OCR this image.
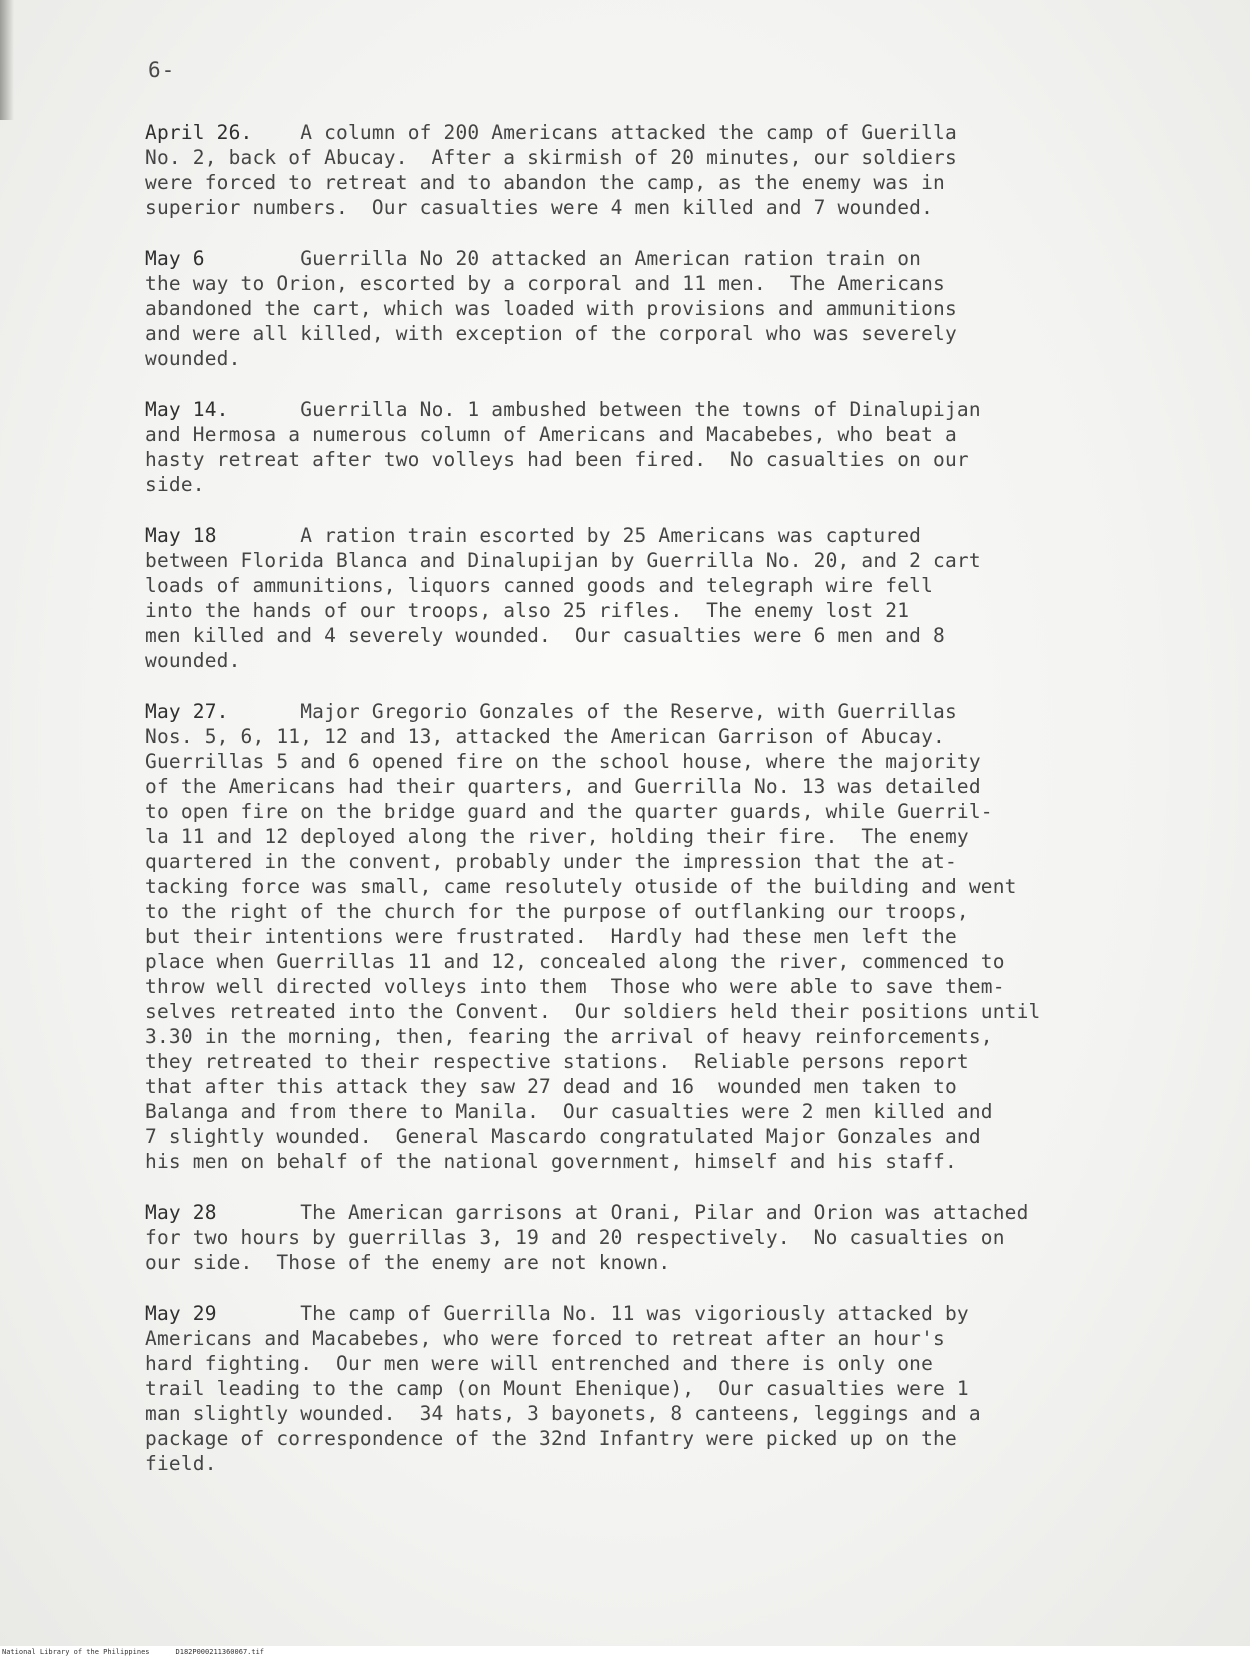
6-

April 26.    A column of 200 Americans attacked the camp of Guerilla
No. 2, back of Abucay.  After a skirmish of 20 minutes, our soldiers
were forced to retreat and to abandon the camp, as the enemy was in
superior numbers.  Our casualties were 4 men killed and 7 wounded.

May 6	Guerrilla No 20 attacked an American ration train on
the way to Orion, escorted by a corporal and 11 men.  The Americans
abandoned the cart, which was loaded with provisions and ammunitions
and were all killed, with exception of the corporal who was severely
wounded.

May 14.	Guerrilla No. 1 ambushed between the towns of Dinalupijan
and Hermosa a numerous column of Americans and Macabebes, who beat a
hasty retreat after two volleys had been fired.  No casualties on our
side.

May 18	A ration train escorted by 25 Americans was captured
between Florida Blanca and Dinalupijan by Guerrilla No. 20, and 2 cart
loads of ammunitions, liquors canned goods and telegraph wire fell
into the hands of our troops, also 25 rifles.  The enemy lost 21
men killed and 4 severely wounded.  Our casualties were 6 men and 8
wounded.

May 27.	Major Gregorio Gonzales of the Reserve, with Guerrillas
Nos. 5, 6, 11, 12 and 13, attacked the American Garrison of Abucay.
Guerrillas 5 and 6 opened fire on the school house, where the majority
of the Americans had their quarters, and Guerrilla No. 13 was detailed
to open fire on the bridge guard and the quarter guards, while Guerril-
la 11 and 12 deployed along the river, holding their fire.  The enemy
quartered in the convent, probably under the impression that the at-
tacking force was small, came resolutely otuside of the building and went
to the right of the church for the purpose of outflanking our troops,
but their intentions were frustrated.  Hardly had these men left the
place when Guerrillas 11 and 12, concealed along the river, commenced to
throw well directed volleys into them  Those who were able to save them-
selves retreated into the Convent.  Our soldiers held their positions until
3.30 in the morning, then, fearing the arrival of heavy reinforcements,
they retreated to their respective stations.  Reliable persons report
that after this attack they saw 27 dead and 16  wounded men taken to
Balanga and from there to Manila.  Our casualties were 2 men killed and
7 slightly wounded.  General Mascardo congratulated Major Gonzales and
his men on behalf of the national government, himself and his staff.

May 28	The American garrisons at Orani, Pilar and Orion was attached
for two hours by guerrillas 3, 19 and 20 respectively.  No casualties on
our side.  Those of the enemy are not known.

May 29	The camp of Guerrilla No. 11 was vigoriously attacked by
Americans and Macabebes, who were forced to retreat after an hour's
hard fighting.  Our men were will entrenched and there is only one
trail leading to the camp (on Mount Ehenique),  Our casualties were 1
man slightly wounded.  34 hats, 3 bayonets, 8 canteens, leggings and a
package of correspondence of the 32nd Infantry were picked up on the
field.

National Library of the Philippines	D182P000211360067.tif
